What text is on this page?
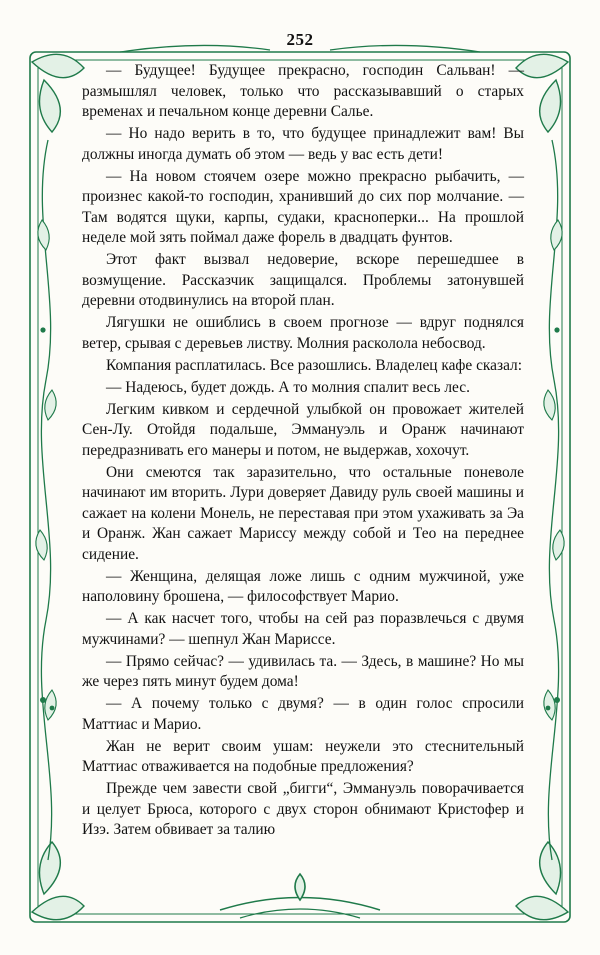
252

— Будущее! Будущее прекрасно, господин Сальван! — размышлял человек, только что рассказывавший о старых временах и печальном конце деревни Салье.

— Но надо верить в то, что будущее принадлежит вам! Вы должны иногда думать об этом — ведь у вас есть дети!

— На новом стоячем озере можно прекрасно рыбачить, — произнес какой-то господин, хранивший до сих пор молчание. — Там водятся щуки, карпы, судаки, красноперки... На прошлой неделе мой зять поймал даже форель в двадцать фунтов.

Этот факт вызвал недоверие, вскоре перешедшее в возмущение. Рассказчик защищался. Проблемы затонувшей деревни отодвинулись на второй план.

Лягушки не ошиблись в своем прогнозе — вдруг поднялся ветер, срывая с деревьев листву. Молния расколола небосвод.

Компания расплатилась. Все разошлись. Владелец кафе сказал:

— Надеюсь, будет дождь. А то молния спалит весь лес.

Легким кивком и сердечной улыбкой он провожает жителей Сен-Лу. Отойдя подальше, Эммануэль и Оранж начинают передразнивать его манеры и потом, не выдержав, хохочут.

Они смеются так заразительно, что остальные поневоле начинают им вторить. Лури доверяет Давиду руль своей машины и сажает на колени Монель, не переставая при этом ухаживать за Эа и Оранж. Жан сажает Мариссу между собой и Тео на переднее сидение.

— Женщина, делящая ложе лишь с одним мужчиной, уже наполовину брошена, — философствует Марио.

— А как насчет того, чтобы на сей раз поразвлечься с двумя мужчинами? — шепнул Жан Мариссе.

— Прямо сейчас? — удивилась та. — Здесь, в машине? Но мы же через пять минут будем дома!

— А почему только с двумя? — в один голос спросили Маттиас и Марио.

Жан не верит своим ушам: неужели это стеснительный Маттиас отваживается на подобные предложения?

Прежде чем завести свой „бигги“, Эммануэль поворачивается и целует Брюса, которого с двух сторон обнимают Кристофер и Изэ. Затем обвивает за талию
